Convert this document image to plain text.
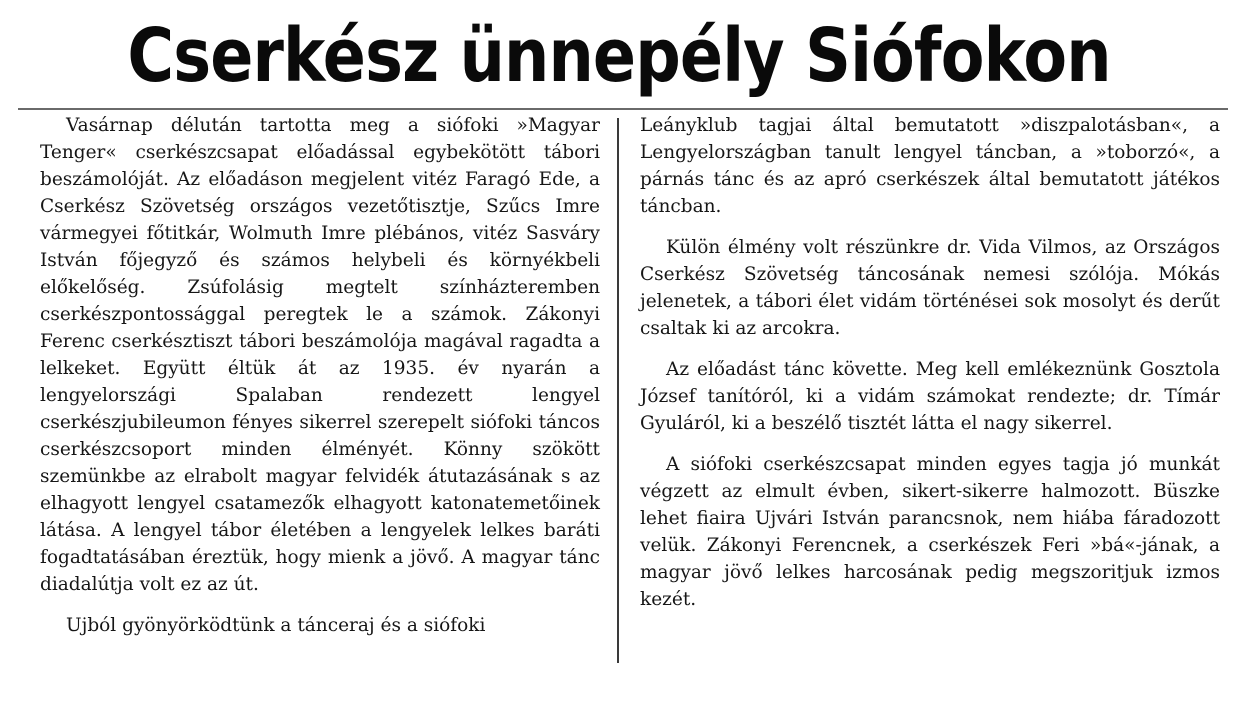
Cserkész ünnepély Siófokon

Vasárnap délután tartotta meg a siófoki »Magyar Tenger« cserkészcsapat előadással egybekötött tábori beszámolóját. Az előadáson megjelent vitéz Faragó Ede, a Cserkész Szövetség országos vezetőtisztje, Szűcs Imre vármegyei főtitkár, Wolmuth Imre plébános, vitéz Sasváry István főjegyző és számos helybeli és környékbeli előkelőség. Zsúfolásig megtelt színházteremben cserkészpontossággal peregtek le a számok. Zákonyi Ferenc cserkésztiszt tábori beszámolója magával ragadta a lelkeket. Együtt éltük át az 1935. év nyarán a lengyelországi Spalaban rendezett lengyel cserkészjubileumon fényes sikerrel szerepelt siófoki táncos cserkészcsoport minden élményét. Könny szökött szemünkbe az elrabolt magyar felvidék átutazásának s az elhagyott lengyel csatamezők elhagyott katonatemetőinek látása. A lengyel tábor életében a lengyelek lelkes baráti fogadtatásában éreztük, hogy mienk a jövő. A magyar tánc diadalútja volt ez az út.

Ujból gyönyörködtünk a tánceraj és a siófoki

Leányklub tagjai által bemutatott »diszpalotásban«, a Lengyelországban tanult lengyel táncban, a »toborzó«, a párnás tánc és az apró cserkészek által bemutatott játékos táncban.

Külön élmény volt részünkre dr. Vida Vilmos, az Országos Cserkész Szövetség táncosának nemesi szólója. Mókás jelenetek, a tábori élet vidám történései sok mosolyt és derűt csaltak ki az arcokra.

Az előadást tánc követte. Meg kell emlékeznünk Gosztola József tanítóról, ki a vidám számokat rendezte; dr. Tímár Gyuláról, ki a beszélő tisztét látta el nagy sikerrel.

A siófoki cserkészcsapat minden egyes tagja jó munkát végzett az elmult évben, sikert-sikerre halmozott. Büszke lehet fiaira Ujvári István parancsnok, nem hiába fáradozott velük. Zákonyi Ferencnek, a cserkészek Feri »bá«-jának, a magyar jövő lelkes harcosának pedig megszoritjuk izmos kezét.
